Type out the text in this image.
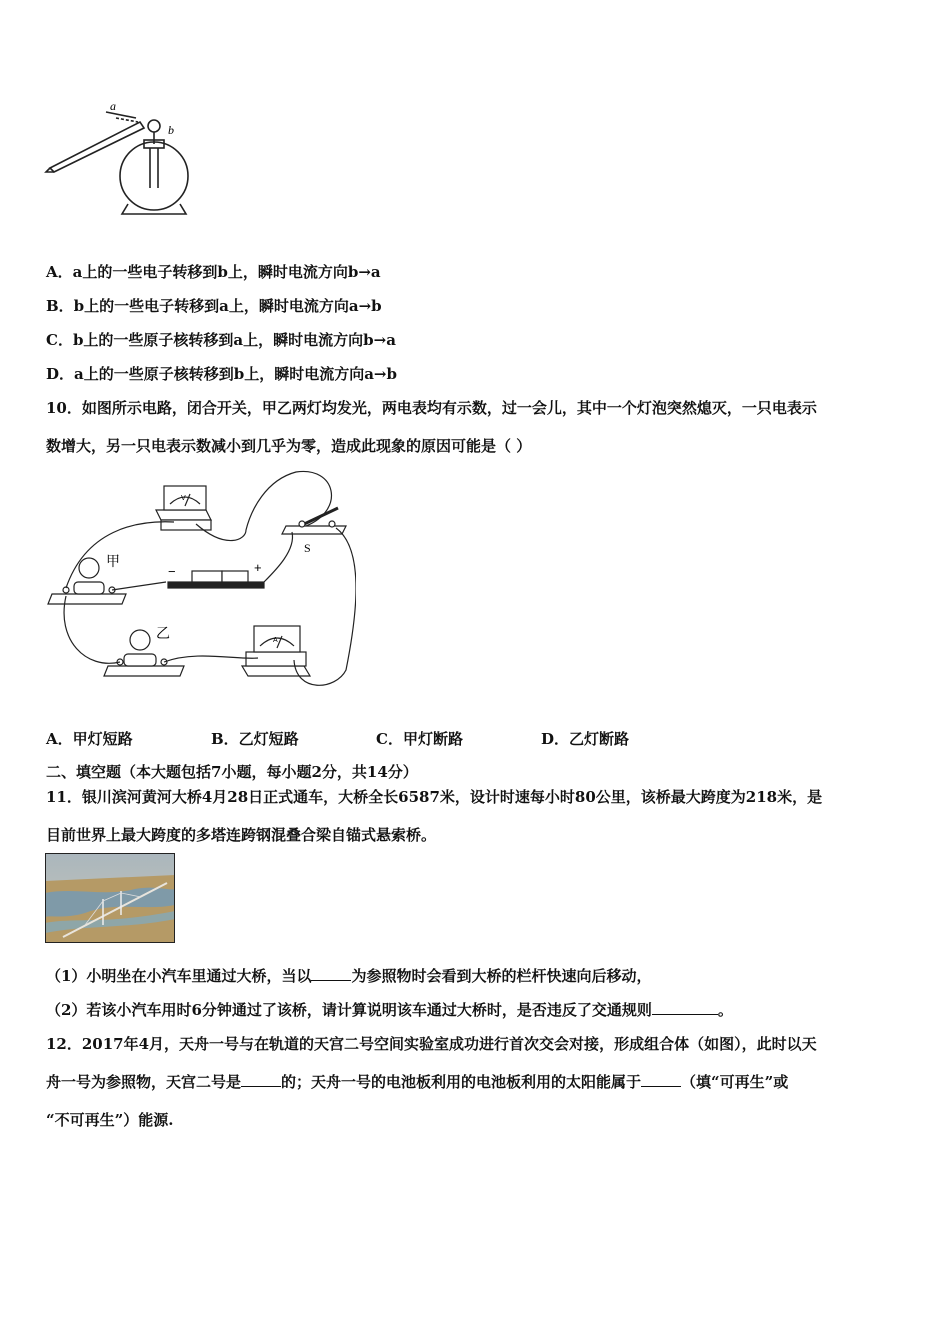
a
b
A．a上的一些电子转移到b上，瞬时电流方向b→a
B．b上的一些电子转移到a上，瞬时电流方向a→b
C．b上的一些原子核转移到a上，瞬时电流方向b→a
D．a上的一些原子核转移到b上，瞬时电流方向a→b
10．如图所示电路，闭合开关，甲乙两灯均发光，两电表均有示数，过一会儿，其中一个灯泡突然熄灭，一只电表示
数增大，另一只电表示数减小到几乎为零，造成此现象的原因可能是（ ）
甲
乙
S
V
A
−	+
A．甲灯短路	B．乙灯短路	C．甲灯断路	D．乙灯断路
二、填空题（本大题包括7小题，每小题2分，共14分）
11．银川滨河黄河大桥4月28日正式通车，大桥全长6587米，设计时速每小时80公里，该桥最大跨度为218米，是
目前世界上最大跨度的多塔连跨钢混叠合梁自锚式悬索桥。
（1）小明坐在小汽车里通过大桥，当以	为参照物时会看到大桥的栏杆快速向后移动，
（2）若该小汽车用时6分钟通过了该桥，请计算说明该车通过大桥时，是否违反了交通规则	。
12．2017年4月，天舟一号与在轨道的天宫二号空间实验室成功进行首次交会对接，形成组合体（如图），此时以天
舟一号为参照物，天宫二号是	的；天舟一号的电池板利用的电池板利用的太阳能属于	（填“可再生”或
“不可再生”）能源.
